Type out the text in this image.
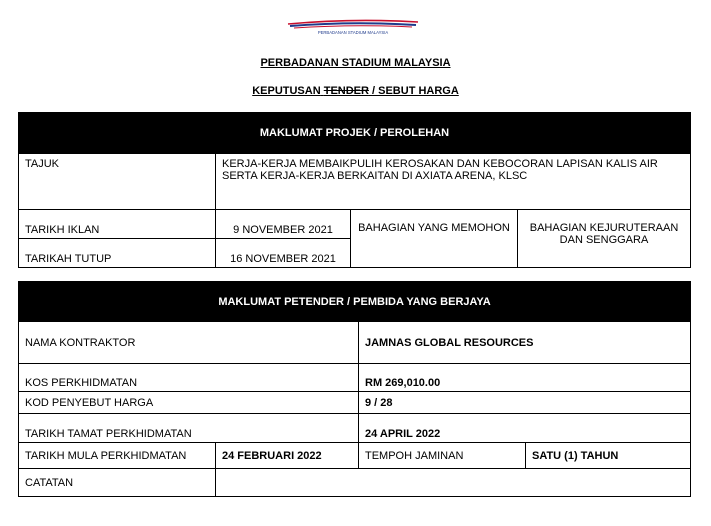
PERBADANAN STADIUM MALAYSIA
PERBADANAN STADIUM MALAYSIA
KEPUTUSAN TENDER / SEBUT HARGA
MAKLUMAT PROJEK / PEROLEHAN			
TAJUK	KERJA-KERJA MEMBAIKPULIH KEROSAKAN DAN KEBOCORAN LAPISAN KALIS AIR SERTA KERJA-KERJA BERKAITAN DI AXIATA ARENA, KLSC		
TARIKH IKLAN	9 NOVEMBER 2021	BAHAGIAN YANG MEMOHON	BAHAGIAN KEJURUTERAAN DAN SENGGARA
TARIKAH TUTUP	16 NOVEMBER 2021		
MAKLUMAT PETENDER / PEMBIDA YANG BERJAYA			
NAMA KONTRAKTOR		JAMNAS GLOBAL RESOURCES	
KOS PERKHIDMATAN		RM 269,010.00	
KOD PENYEBUT HARGA		9 / 28	
TARIKH TAMAT PERKHIDMATAN		24 APRIL 2022	
TARIKH MULA PERKHIDMATAN	24 FEBRUARI 2022	TEMPOH JAMINAN	SATU (1) TAHUN
CATATAN			
